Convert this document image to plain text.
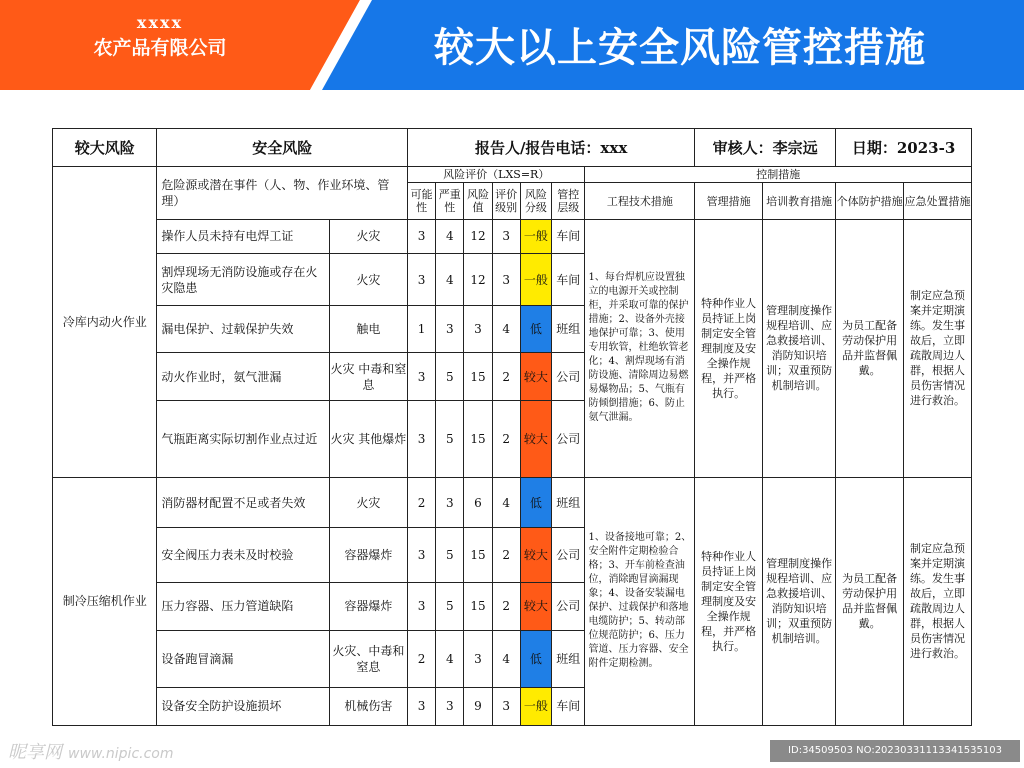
xxxx
农产品有限公司	较大以上安全风险管控措施
较大风险	安全风险		报告人/报告电话：xxx							审核人：李宗远		日期：2023-3	
冷库内动火作业	危险源或潜在事件（人、物、作业环境、管理）		风险评价（LXS=R）						控制措施				
			可能性	严重性	风险值	评价级别	风险分级	管控层级	工程技术措施	管理措施	培训教育措施	个体防护措施	应急处置措施
	操作人员未持有电焊工证	火灾	3	4	12	3	一般	车间	1、每台焊机应设置独立的电源开关或控制柜，并采取可靠的保护措施；2、设备外壳接地保护可靠；3、使用专用软管，杜绝软管老化；4、割焊现场有消防设施、清除周边易燃易爆物品；5、气瓶有防倾倒措施；6、防止氨气泄漏。	特种作业人员持证上岗制定安全管理制度及安全操作规程，并严格执行。	管理制度操作规程培训、应急救援培训、消防知识培训；双重预防机制培训。	为员工配备劳动保护用品并监督佩戴。	制定应急预案并定期演练。发生事故后，立即疏散周边人群，根据人员伤害情况进行救治。
	割焊现场无消防设施或存在火灾隐患	火灾	3	4	12	3	一般	车间					
	漏电保护、过载保护失效	触电	1	3	3	4	低	班组					
	动火作业时，氨气泄漏	火灾 中毒和窒息	3	5	15	2	较大	公司					
	气瓶距离实际切割作业点过近	火灾 其他爆炸	3	5	15	2	较大	公司					
制冷压缩机作业	消防器材配置不足或者失效	火灾	2	3	6	4	低	班组	1、设备接地可靠；2、安全附件定期检验合格；3、开车前检查油位，消除跑冒滴漏现象；4、设备安装漏电保护、过载保护和落地电缆防护；5、转动部位规范防护；6、压力管道、压力容器、安全附件定期检测。	特种作业人员持证上岗制定安全管理制度及安全操作规程，并严格执行。	管理制度操作规程培训、应急救援培训、消防知识培训；双重预防机制培训。	为员工配备劳动保护用品并监督佩戴。	制定应急预案并定期演练。发生事故后，立即疏散周边人群，根据人员伤害情况进行救治。
	安全阀压力表未及时校验	容器爆炸	3	5	15	2	较大	公司					
	压力容器、压力管道缺陷	容器爆炸	3	5	15	2	较大	公司					
	设备跑冒滴漏	火灾、中毒和窒息	2	4	3	4	低	班组					
	设备安全防护设施损坏	机械伤害	3	3	9	3	一般	车间					
昵享网 www.nipic.com	ID:34509503 NO:20230331113341535103
